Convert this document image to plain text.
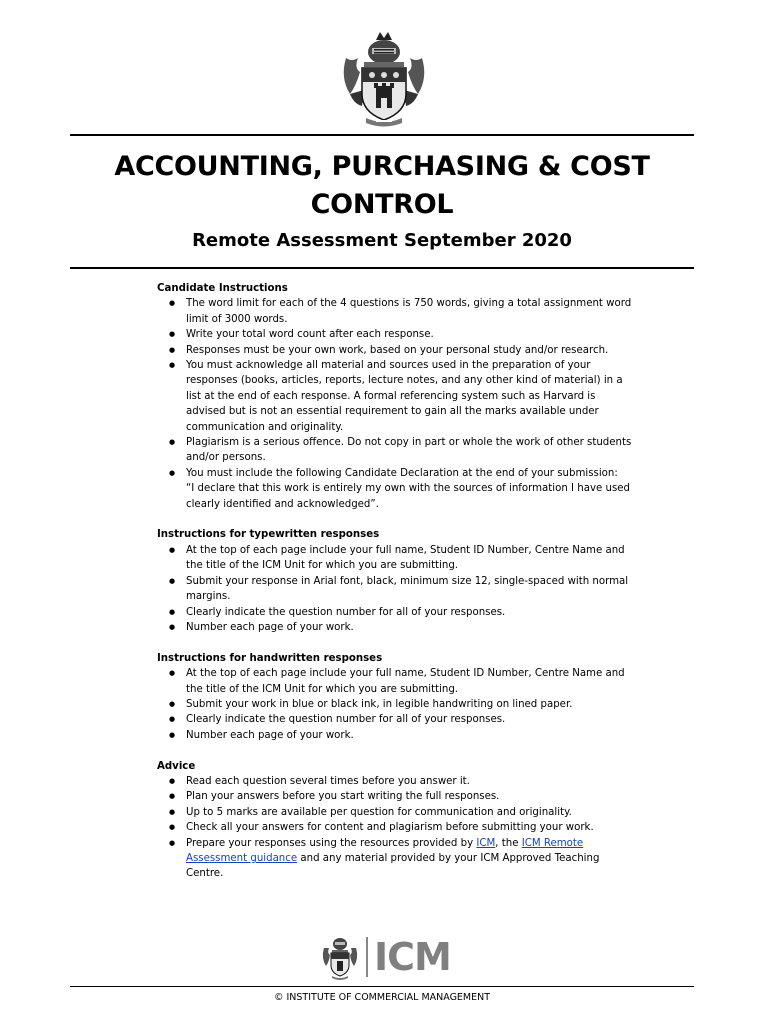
ACCOUNTING, PURCHASING & COST
CONTROL
Remote Assessment September 2020
Candidate Instructions
● The word limit for each of the 4 questions is 750 words, giving a total assignment word limit of 3000 words.
● Write your total word count after each response.
● Responses must be your own work, based on your personal study and/or research.
● You must acknowledge all material and sources used in the preparation of your responses (books, articles, reports, lecture notes, and any other kind of material) in a list at the end of each response. A formal referencing system such as Harvard is advised but is not an essential requirement to gain all the marks available under communication and originality.
● Plagiarism is a serious offence. Do not copy in part or whole the work of other students and/or persons.
● You must include the following Candidate Declaration at the end of your submission:
“I declare that this work is entirely my own with the sources of information I have used clearly identified and acknowledged”.
Instructions for typewritten responses
● At the top of each page include your full name, Student ID Number, Centre Name and the title of the ICM Unit for which you are submitting.
● Submit your response in Arial font, black, minimum size 12, single-spaced with normal margins.
● Clearly indicate the question number for all of your responses.
● Number each page of your work.
Instructions for handwritten responses
● At the top of each page include your full name, Student ID Number, Centre Name and the title of the ICM Unit for which you are submitting.
● Submit your work in blue or black ink, in legible handwriting on lined paper.
● Clearly indicate the question number for all of your responses.
● Number each page of your work.
Advice
● Read each question several times before you answer it.
● Plan your answers before you start writing the full responses.
● Up to 5 marks are available per question for communication and originality.
● Check all your answers for content and plagiarism before submitting your work.
● Prepare your responses using the resources provided by ICM, the ICM Remote Assessment guidance and any material provided by your ICM Approved Teaching Centre.
ICM
© INSTITUTE OF COMMERCIAL MANAGEMENT
